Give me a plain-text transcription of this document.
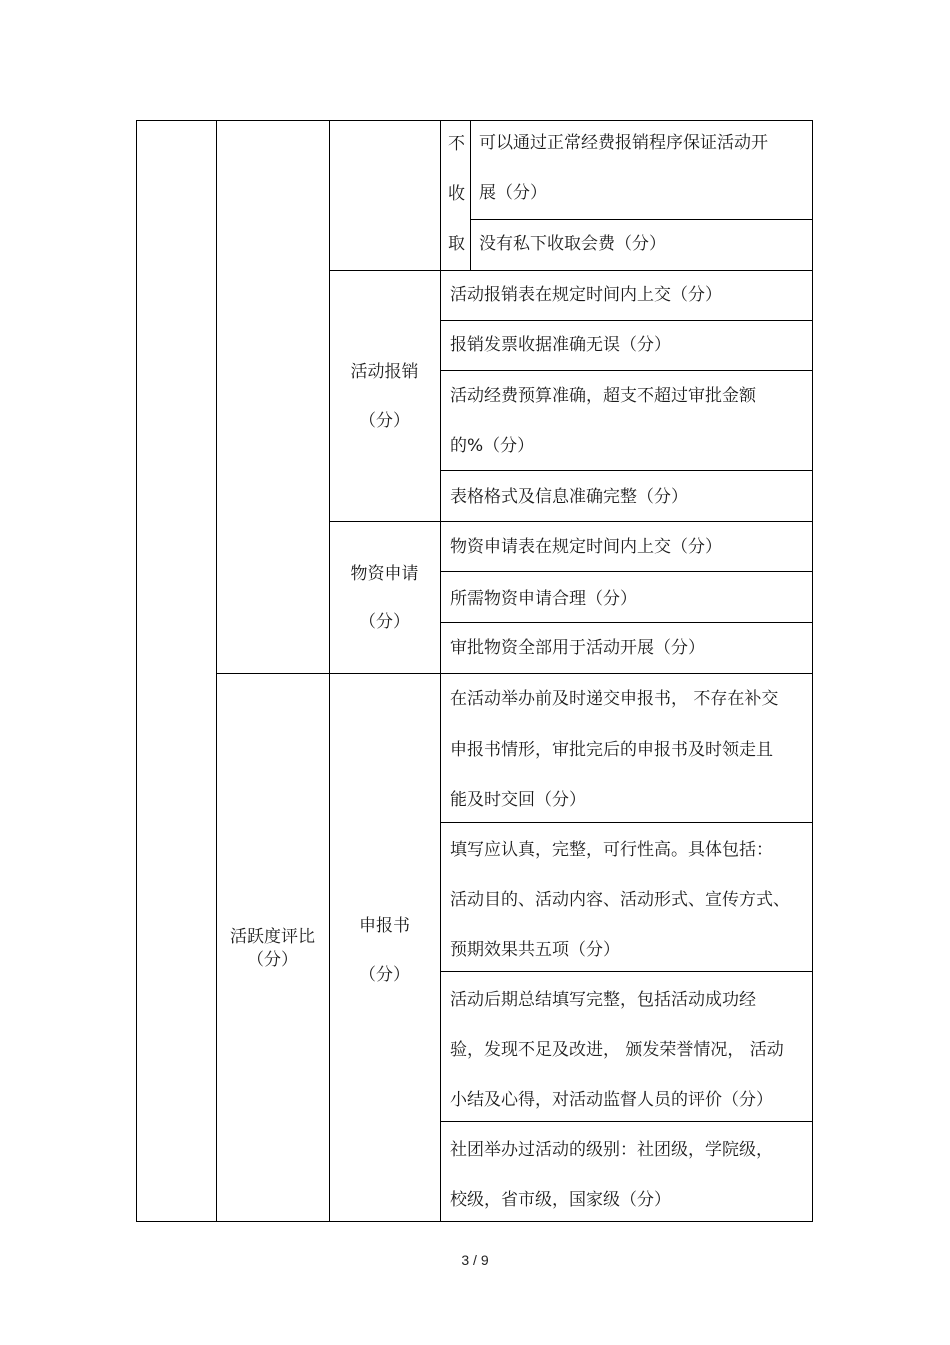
不
收
取
可以通过正常经费报销程序保证活动开
展（分）
没有私下收取会费（分）
活动报销
（分）
活动报销表在规定时间内上交（分）
报销发票收据准确无误（分）
活动经费预算准确，超支不超过审批金额
的%（分）
表格格式及信息准确完整（分）
物资申请
（分）
物资申请表在规定时间内上交（分）
所需物资申请合理（分）
审批物资全部用于活动开展（分）
活跃度评比
（分）
申报书
（分）
在活动举办前及时递交申报书， 不存在补交
申报书情形，审批完后的申报书及时领走且
能及时交回（分）
填写应认真，完整，可行性高。具体包括：
活动目的、活动内容、活动形式、宣传方式、
预期效果共五项（分）
活动后期总结填写完整，包括活动成功经
验，发现不足及改进， 颁发荣誉情况， 活动
小结及心得，对活动监督人员的评价（分）
社团举办过活动的级别：社团级，学院级，
校级，省市级，国家级（分）
3 / 9
